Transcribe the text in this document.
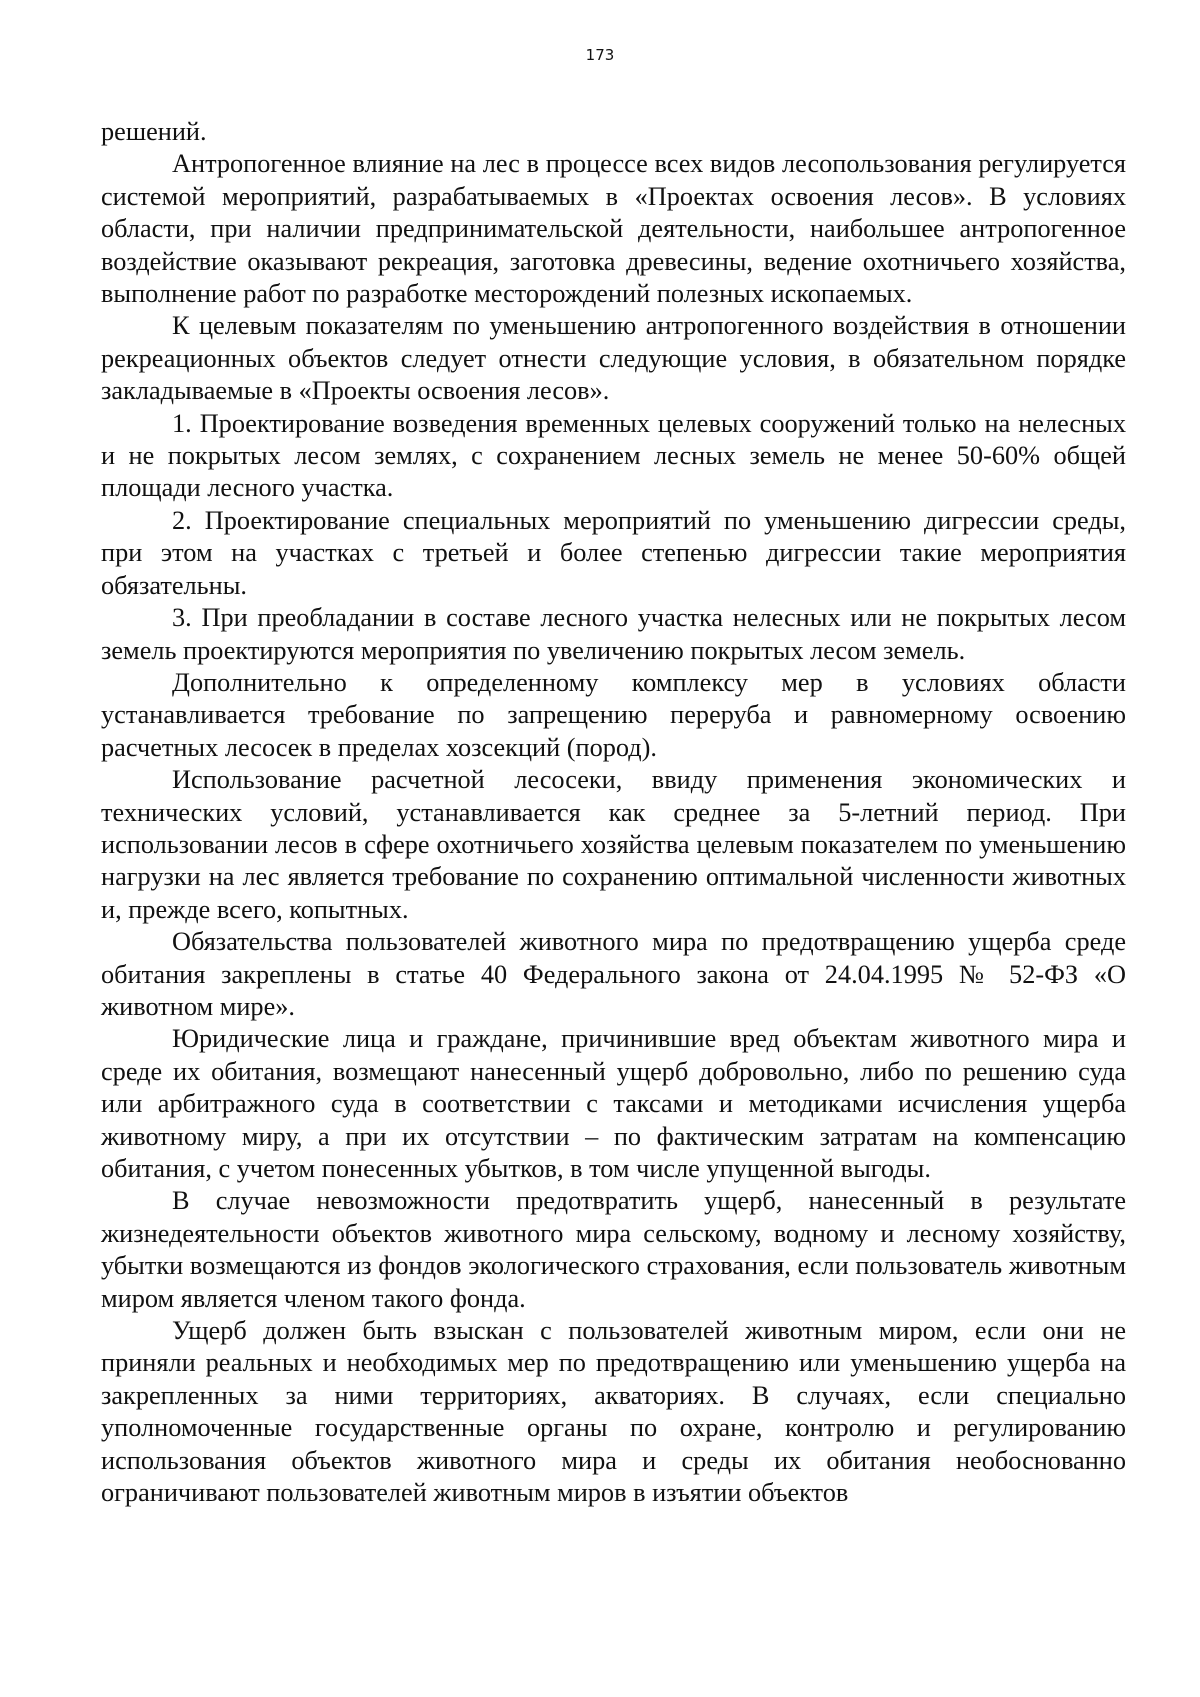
173

решений.

Антропогенное влияние на лес в процессе всех видов лесопользования регулируется системой мероприятий, разрабатываемых в «Проектах освоения лесов». В условиях области, при наличии предпринимательской деятельности, наибольшее антропогенное воздействие оказывают рекреация, заготовка древесины, ведение охотничьего хозяйства, выполнение работ по разработке месторождений полезных ископаемых.

К целевым показателям по уменьшению антропогенного воздействия в отношении рекреационных объектов следует отнести следующие условия, в обязательном порядке закладываемые в «Проекты освоения лесов».

1. Проектирование возведения временных целевых сооружений только на нелесных и не покрытых лесом землях, с сохранением лесных земель не менее 50-60% общей площади лесного участка.

2. Проектирование специальных мероприятий по уменьшению дигрессии среды, при этом на участках с третьей и более степенью дигрессии такие мероприятия обязательны.

3. При преобладании в составе лесного участка нелесных или не покрытых лесом земель проектируются мероприятия по увеличению покрытых лесом земель.

Дополнительно к определенному комплексу мер в условиях области устанавливается требование по запрещению переруба и равномерному освоению расчетных лесосек в пределах хозсекций (пород).

Использование расчетной лесосеки, ввиду применения экономических и технических условий, устанавливается как среднее за 5-летний период. При использовании лесов в сфере охотничьего хозяйства целевым показателем по уменьшению нагрузки на лес является требование по сохранению оптимальной численности животных и, прежде всего, копытных.

Обязательства пользователей животного мира по предотвращению ущерба среде обитания закреплены в статье 40 Федерального закона от 24.04.1995 № 52-ФЗ «О животном мире».

Юридические лица и граждане, причинившие вред объектам животного мира и среде их обитания, возмещают нанесенный ущерб добровольно, либо по решению суда или арбитражного суда в соответствии с таксами и методиками исчисления ущерба животному миру, а при их отсутствии – по фактическим затратам на компенсацию обитания, с учетом понесенных убытков, в том числе упущенной выгоды.

В случае невозможности предотвратить ущерб, нанесенный в результате жизнедеятельности объектов животного мира сельскому, водному и лесному хозяйству, убытки возмещаются из фондов экологического страхования, если пользователь животным миром является членом такого фонда.

Ущерб должен быть взыскан с пользователей животным миром, если они не приняли реальных и необходимых мер по предотвращению или уменьшению ущерба на закрепленных за ними территориях, акваториях. В случаях, если специально уполномоченные государственные органы по охране, контролю и регулированию использования объектов животного мира и среды их обитания необоснованно ограничивают пользователей животным миров в изъятии объектов
